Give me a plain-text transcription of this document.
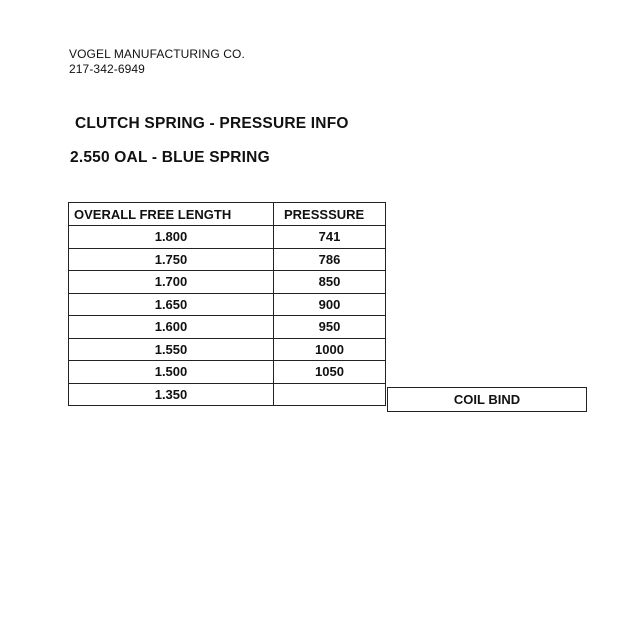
VOGEL MANUFACTURING CO.
217-342-6949
CLUTCH SPRING - PRESSURE INFO
2.550 OAL - BLUE SPRING
OVERALL FREE LENGTH	PRESSSURE
1.800	741
1.750	786
1.700	850
1.650	900
1.600	950
1.550	1000
1.500	1050
1.350		COIL BIND
